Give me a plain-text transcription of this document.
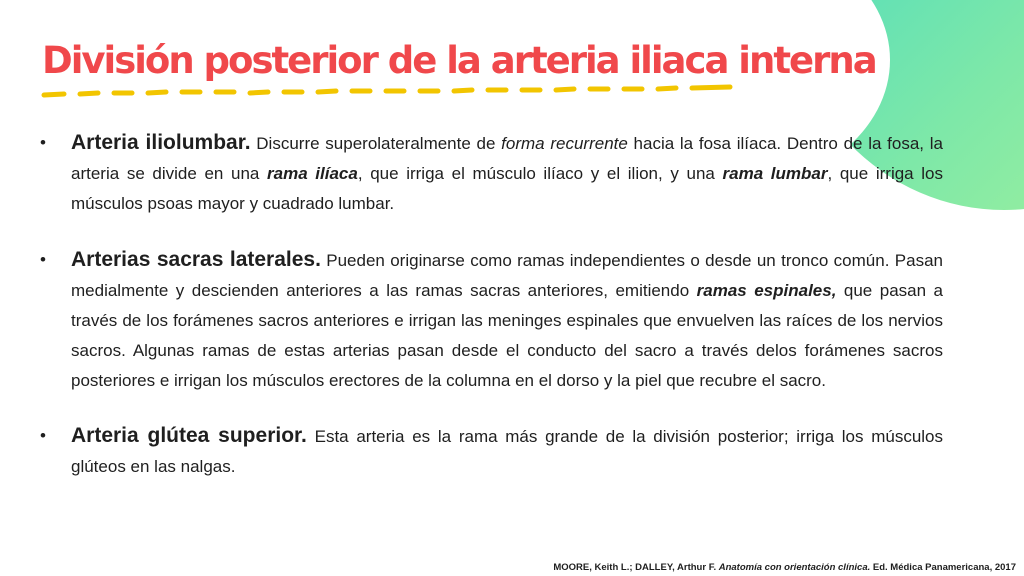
División posterior de la arteria iliaca interna
• Arteria iliolumbar. Discurre superolateralmente de forma recurrente hacia la fosa ilíaca. Dentro de la fosa, la arteria se divide en una rama ilíaca, que irriga el músculo ilíaco y el ilion, y una rama lumbar, que irriga los músculos psoas mayor y cuadrado lumbar.
• Arterias sacras laterales. Pueden originarse como ramas independientes o desde un tronco común. Pasan medialmente y descienden anteriores a las ramas sacras anteriores, emitiendo ramas espinales, que pasan a través de los forámenes sacros anteriores e irrigan las meninges espinales que envuelven las raíces de los nervios sacros. Algunas ramas de estas arterias pasan desde el conducto del sacro a través delos forámenes sacros posteriores e irrigan los músculos erectores de la columna en el dorso y la piel que recubre el sacro.
• Arteria glútea superior. Esta arteria es la rama más grande de la división posterior; irriga los músculos glúteos en las nalgas.
MOORE, Keith L.; DALLEY, Arthur F. Anatomía con orientación clínica. Ed. Médica Panamericana, 2017
